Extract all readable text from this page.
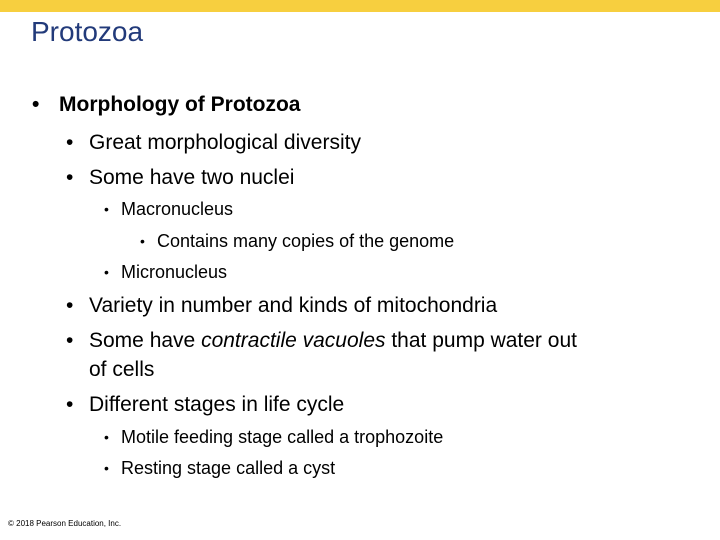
Protozoa
• Morphology of Protozoa
• Great morphological diversity
• Some have two nuclei
• Macronucleus
• Contains many copies of the genome
• Micronucleus
• Variety in number and kinds of mitochondria
• Some have contractile vacuoles that pump water out
of cells
• Different stages in life cycle
• Motile feeding stage called a trophozoite
• Resting stage called a cyst
© 2018 Pearson Education, Inc.
